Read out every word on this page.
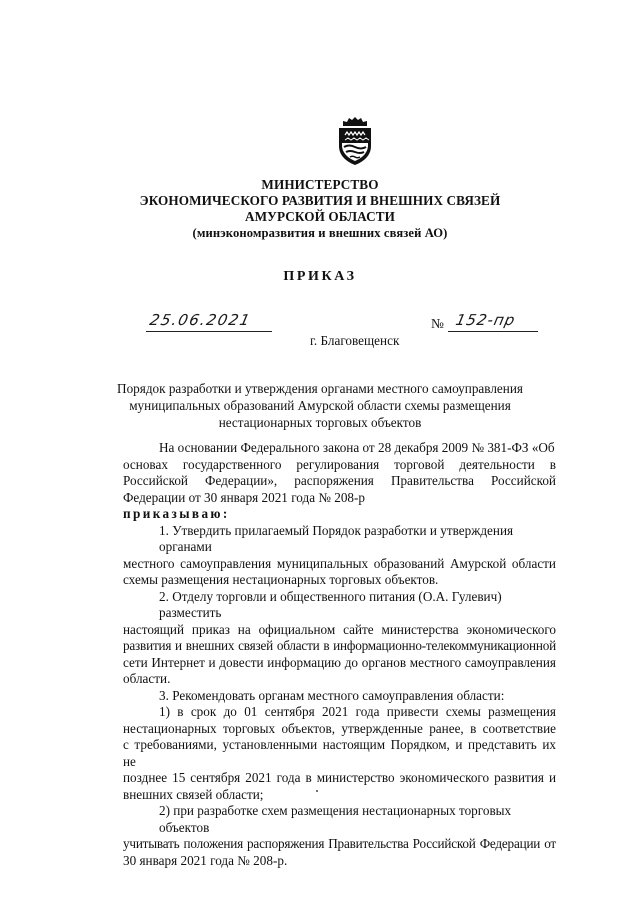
МИНИСТЕРСТВО
ЭКОНОМИЧЕСКОГО РАЗВИТИЯ И ВНЕШНИХ СВЯЗЕЙ
АМУРСКОЙ ОБЛАСТИ
(минэкономразвития и внешних связей АО)
ПРИКАЗ
25.06.2021	№ 152-пр
г. Благовещенск
Порядок разработки и утверждения органами местного самоуправления
муниципальных образований Амурской области схемы размещения
нестационарных торговых объектов
На основании Федерального закона от 28 декабря 2009 № 381-ФЗ «Об
основах государственного регулирования торговой деятельности в
Российской Федерации», распоряжения Правительства Российской
Федерации от 30 января 2021 года № 208-р
приказываю:
1. Утвердить прилагаемый Порядок разработки и утверждения органами
местного самоуправления муниципальных образований Амурской области
схемы размещения нестационарных торговых объектов.
2. Отделу торговли и общественного питания (О.А. Гулевич) разместить
настоящий приказ на официальном сайте министерства экономического
развития и внешних связей области в информационно-телекоммуникационной
сети Интернет и довести информацию до органов местного самоуправления
области.
3. Рекомендовать органам местного самоуправления области:
1) в срок до 01 сентября 2021 года привести схемы размещения
нестационарных торговых объектов, утвержденные ранее, в соответствие
с требованиями, установленными настоящим Порядком, и представить их не
позднее 15 сентября 2021 года в министерство экономического развития и
внешних связей области;
2) при разработке схем размещения нестационарных торговых объектов
учитывать положения распоряжения Правительства Российской Федерации от
30 января 2021 года № 208-р.
